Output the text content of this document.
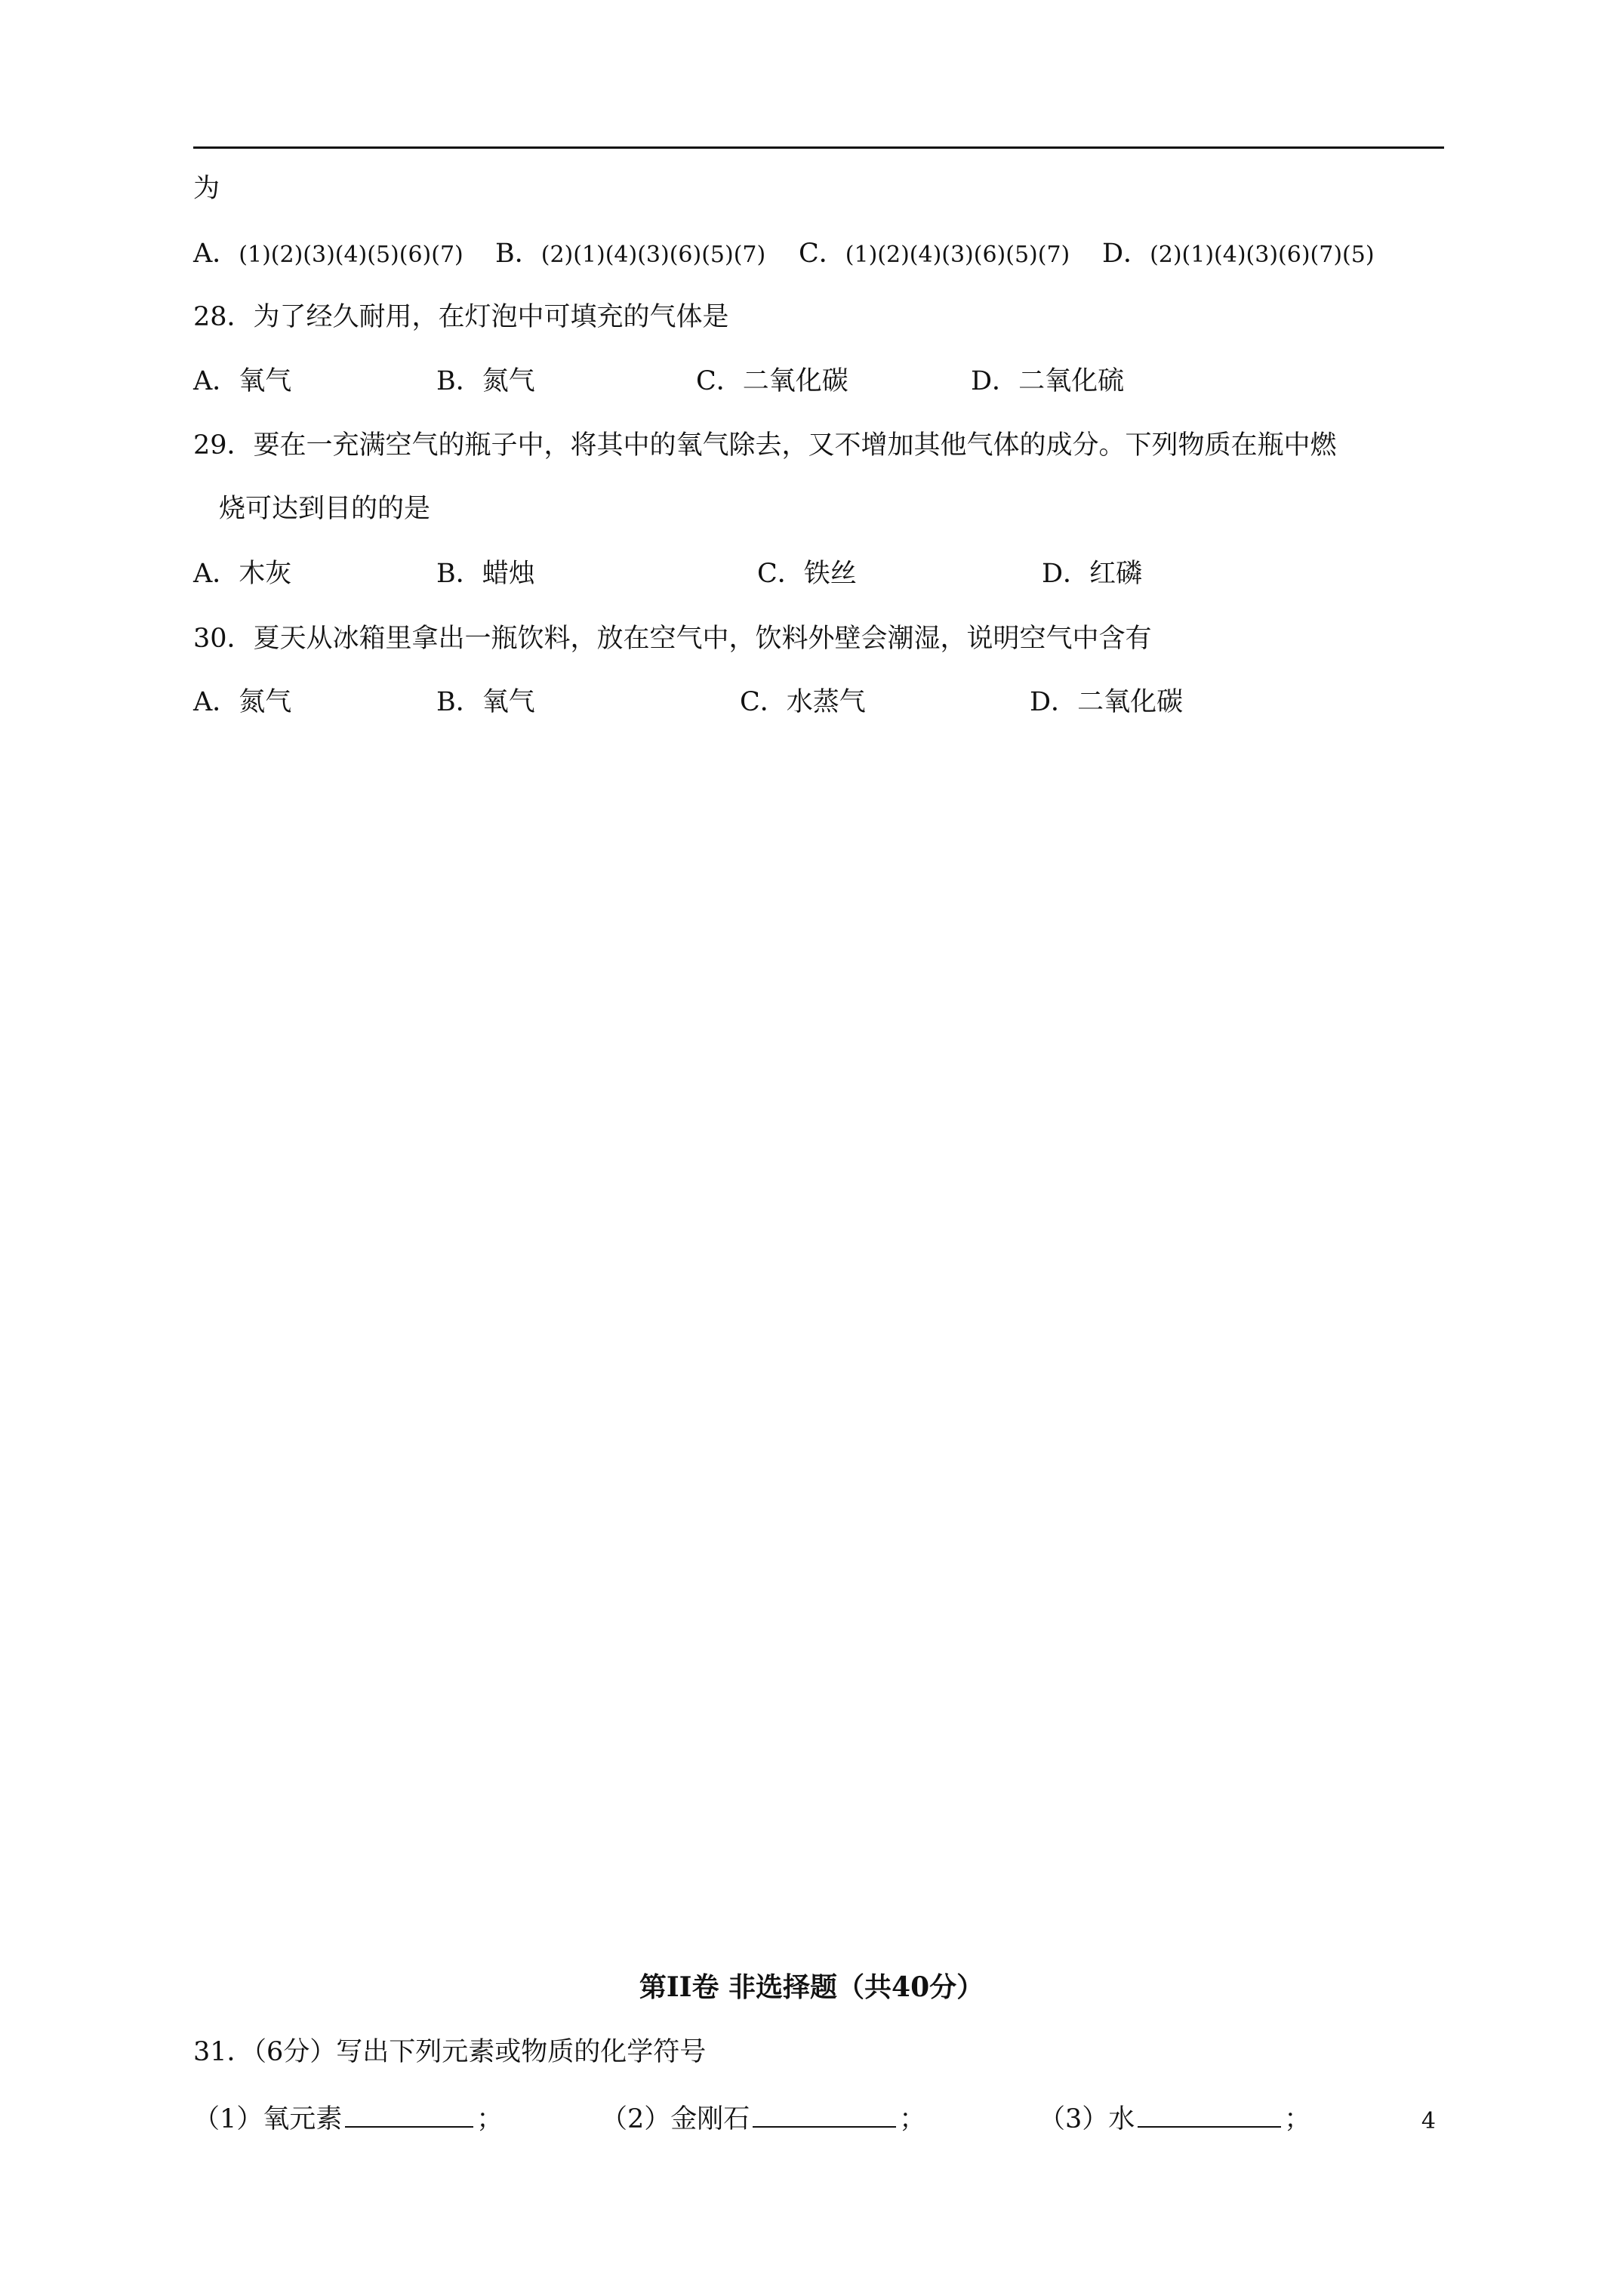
为
A．(1)(2)(3)(4)(5)(6)(7) B．(2)(1)(4)(3)(6)(5)(7) C．(1)(2)(4)(3)(6)(5)(7) D．(2)(1)(4)(3)(6)(7)(5)
28．为了经久耐用，在灯泡中可填充的气体是
A．氧气	B．氮气	C．二氧化碳	D．二氧化硫
29．要在一充满空气的瓶子中，将其中的氧气除去，又不增加其他气体的成分。下列物质在瓶中燃
烧可达到目的的是
A．木灰	B．蜡烛	C．铁丝	D．红磷
30．夏天从冰箱里拿出一瓶饮料，放在空气中，饮料外壁会潮湿，说明空气中含有
A．氮气	B．氧气	C．水蒸气	D．二氧化碳
第II卷 非选择题（共40分）
31．（6分）写出下列元素或物质的化学符号
（1）氧元素	；	（2）金刚石	；	（3）水	；	4
